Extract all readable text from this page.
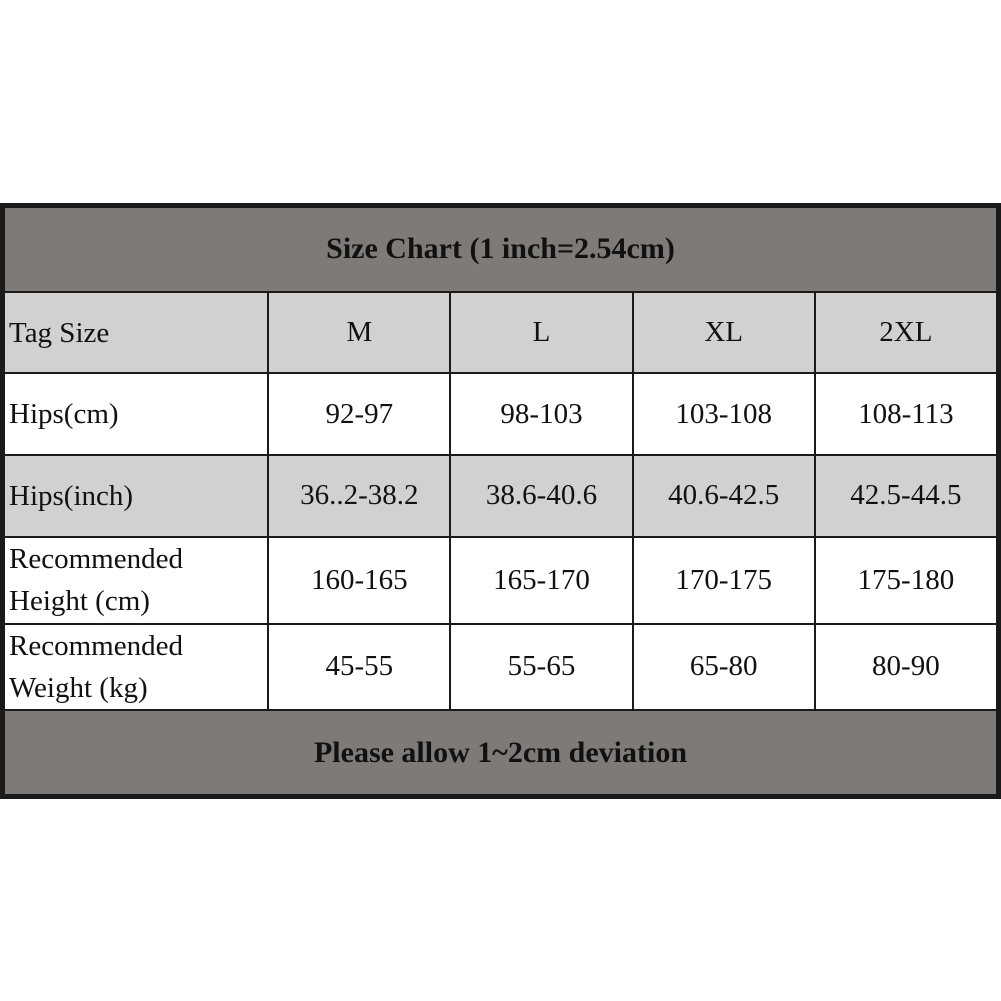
Size Chart (1 inch=2.54cm)				
Tag Size	M	L	XL	2XL
Hips(cm)	92-97	98-103	103-108	108-113
Hips(inch)	36..2-38.2	38.6-40.6	40.6-42.5	42.5-44.5
Recommended
Height (cm)	160-165	165-170	170-175	175-180
Recommended
Weight (kg)	45-55	55-65	65-80	80-90
Please allow 1~2cm deviation				
